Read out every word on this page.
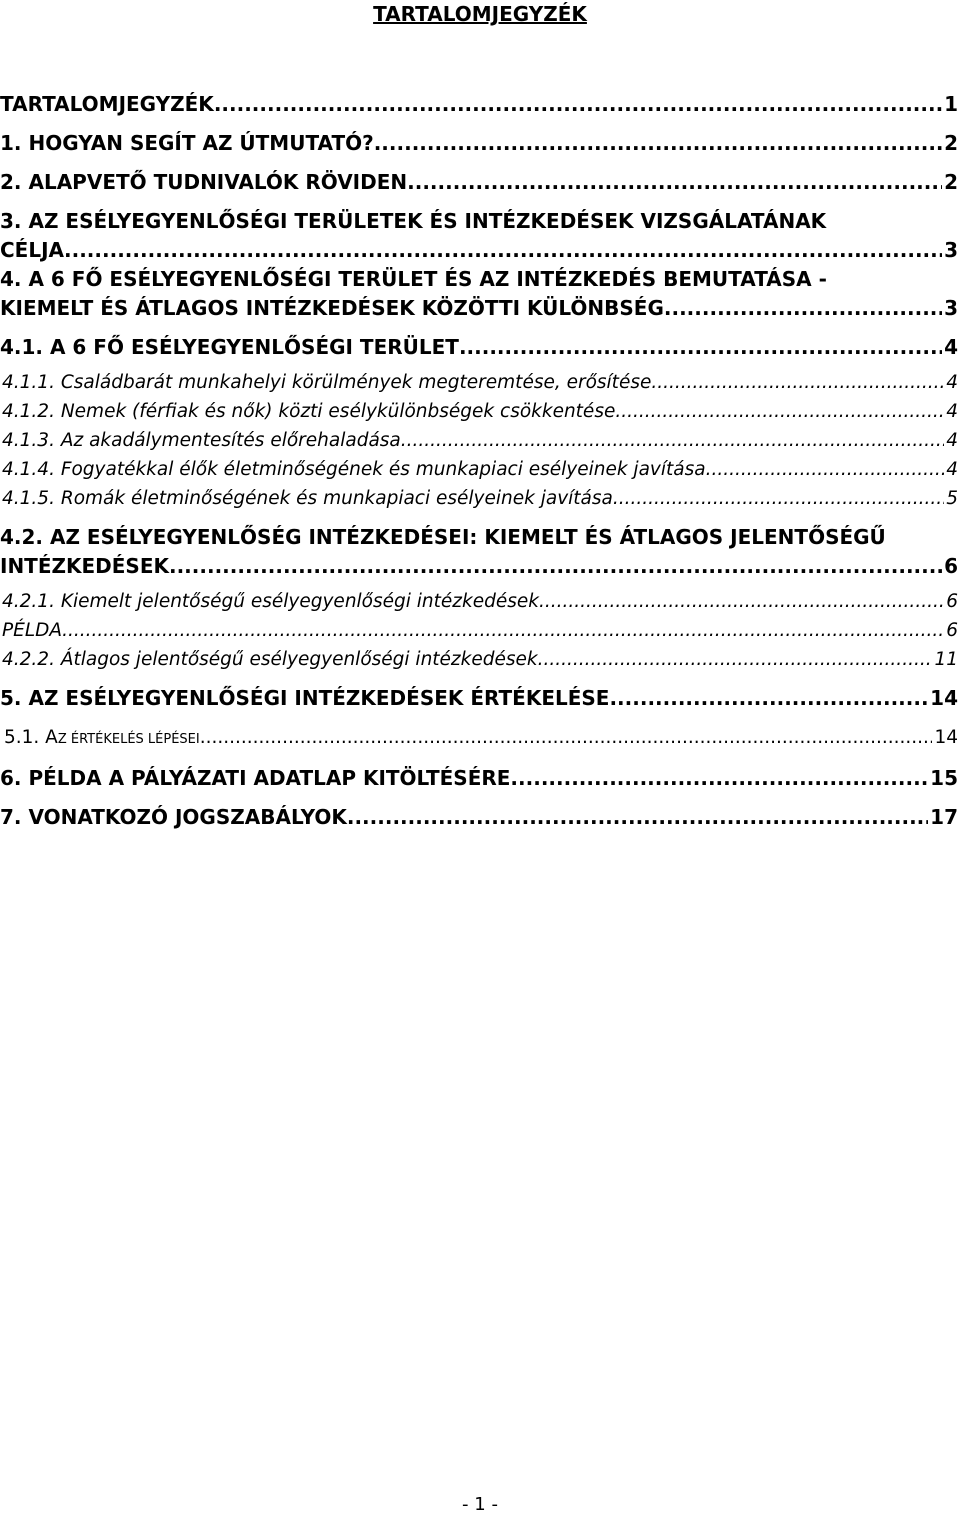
TARTALOMJEGYZÉK
TARTALOMJEGYZÉK .....	1
1. HOGYAN SEGÍT AZ ÚTMUTATÓ? .....	2
2. ALAPVETŐ TUDNIVALÓK RÖVIDEN .....	2
3. AZ ESÉLYEGYENLŐSÉGI TERÜLETEK ÉS INTÉZKEDÉSEK VIZSGÁLATÁNAK
CÉLJA .....	3
4. A 6 FŐ ESÉLYEGYENLŐSÉGI TERÜLET ÉS AZ INTÉZKEDÉS BEMUTATÁSA -
KIEMELT ÉS ÁTLAGOS INTÉZKEDÉSEK KÖZÖTTI KÜLÖNBSÉG .....	3
4.1. A 6 FŐ ESÉLYEGYENLŐSÉGI TERÜLET .....	4
4.1.1. Családbarát munkahelyi körülmények megteremtése, erősítése .....	4
4.1.2. Nemek (férfiak és nők) közti esélykülönbségek csökkentése .....	4
4.1.3. Az akadálymentesítés előrehaladása .....	4
4.1.4. Fogyatékkal élők életminőségének és munkapiaci esélyeinek javítása .....	4
4.1.5. Romák életminőségének és munkapiaci esélyeinek javítása .....	5
4.2. AZ ESÉLYEGYENLŐSÉG INTÉZKEDÉSEI: KIEMELT ÉS ÁTLAGOS JELENTŐSÉGŰ
INTÉZKEDÉSEK .....	6
4.2.1. Kiemelt jelentőségű esélyegyenlőségi intézkedések .....	6
PÉLDA .....	6
4.2.2. Átlagos jelentőségű esélyegyenlőségi intézkedések .....	11
5. AZ ESÉLYEGYENLŐSÉGI INTÉZKEDÉSEK ÉRTÉKELÉSE .....	14
5.1. AZ ÉRTÉKELÉS LÉPÉSEI .....	14
6. PÉLDA A PÁLYÁZATI ADATLAP KITÖLTÉSÉRE .....	15
7. VONATKOZÓ JOGSZABÁLYOK .....	17
- 1 -
